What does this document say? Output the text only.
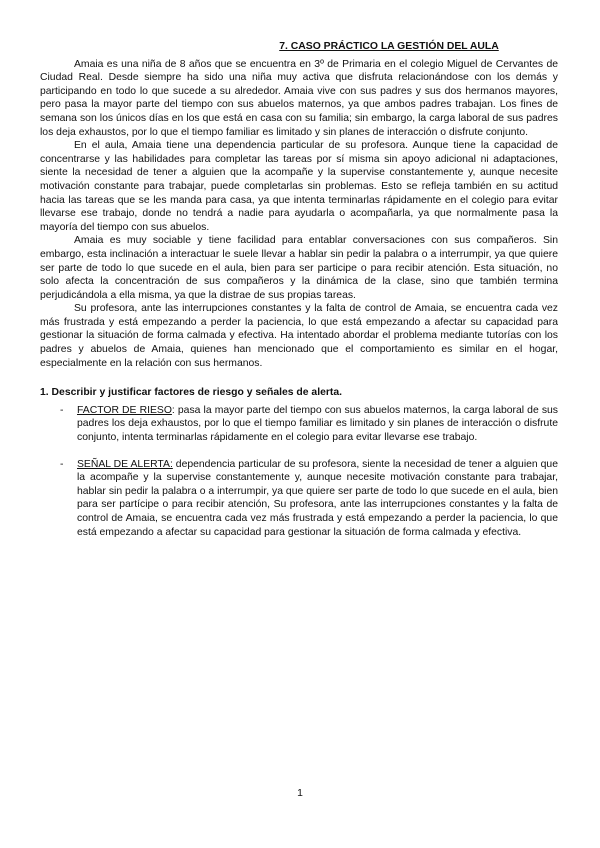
7. CASO PRÁCTICO LA GESTIÓN DEL AULA

Amaia es una niña de 8 años que se encuentra en 3º de Primaria en el colegio Miguel de Cervantes de Ciudad Real. Desde siempre ha sido una niña muy activa que disfruta relacionándose con los demás y participando en todo lo que sucede a su alrededor. Amaia vive con sus padres y sus dos hermanos mayores, pero pasa la mayor parte del tiempo con sus abuelos maternos, ya que ambos padres trabajan. Los fines de semana son los únicos días en los que está en casa con su familia; sin embargo, la carga laboral de sus padres los deja exhaustos, por lo que el tiempo familiar es limitado y sin planes de interacción o disfrute conjunto.

En el aula, Amaia tiene una dependencia particular de su profesora. Aunque tiene la capacidad de concentrarse y las habilidades para completar las tareas por sí misma sin apoyo adicional ni adaptaciones, siente la necesidad de tener a alguien que la acompañe y la supervise constantemente y, aunque necesite motivación constante para trabajar, puede completarlas sin problemas. Esto se refleja también en su actitud hacia las tareas que se les manda para casa, ya que intenta terminarlas rápidamente en el colegio para evitar llevarse ese trabajo, donde no tendrá a nadie para ayudarla o acompañarla, ya que normalmente pasa la mayoría del tiempo con sus abuelos.

Amaia es muy sociable y tiene facilidad para entablar conversaciones con sus compañeros. Sin embargo, esta inclinación a interactuar le suele llevar a hablar sin pedir la palabra o a interrumpir, ya que quiere ser parte de todo lo que sucede en el aula, bien para ser participe o para recibir atención. Esta situación, no solo afecta la concentración de sus compañeros y la dinámica de la clase, sino que también termina perjudicándola a ella misma, ya que la distrae de sus propias tareas.

Su profesora, ante las interrupciones constantes y la falta de control de Amaia, se encuentra cada vez más frustrada y está empezando a perder la paciencia, lo que está empezando a afectar su capacidad para gestionar la situación de forma calmada y efectiva. Ha intentado abordar el problema mediante tutorías con los padres y abuelos de Amaia, quienes han mencionado que el comportamiento es similar en el hogar, especialmente en la relación con sus hermanos.

1. Describir y justificar factores de riesgo y señales de alerta.

- FACTOR DE RIESO: pasa la mayor parte del tiempo con sus abuelos maternos, la carga laboral de sus padres los deja exhaustos, por lo que el tiempo familiar es limitado y sin planes de interacción o disfrute conjunto, intenta terminarlas rápidamente en el colegio para evitar llevarse ese trabajo.

- SEÑAL DE ALERTA: dependencia particular de su profesora, siente la necesidad de tener a alguien que la acompañe y la supervise constantemente y, aunque necesite motivación constante para trabajar, hablar sin pedir la palabra o a interrumpir, ya que quiere ser parte de todo lo que sucede en el aula, bien para ser partícipe o para recibir atención, Su profesora, ante las interrupciones constantes y la falta de control de Amaia, se encuentra cada vez más frustrada y está empezando a perder la paciencia, lo que está empezando a afectar su capacidad para gestionar la situación de forma calmada y efectiva.

1
